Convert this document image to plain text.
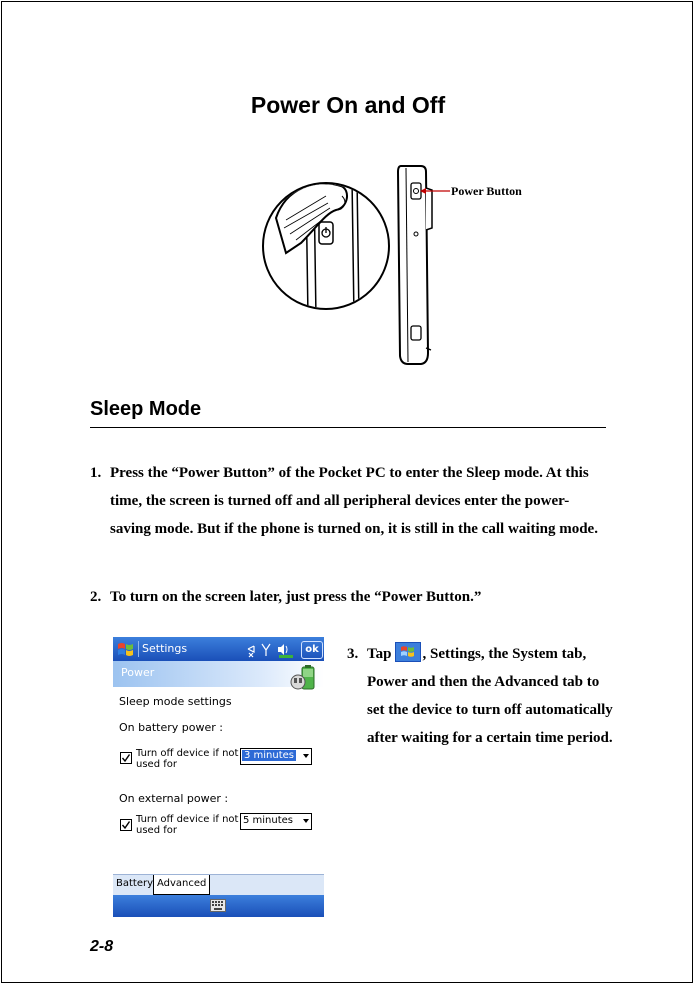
Power On and Off
Power Button
Sleep Mode
1. Press the “Power Button” of the Pocket PC to enter the Sleep mode. At this time, the screen is turned off and all peripheral devices enter the power-saving mode. But if the phone is turned on, it is still in the call waiting mode.
2. To turn on the screen later, just press the “Power Button.”
Settings	ok
Power
Sleep mode settings
On battery power :
Turn off device if not used for
3 minutes
On external power :
Turn off device if not used for
5 minutes
Battery Advanced
3. Tap , Settings, the System tab, Power and then the Advanced tab to set the device to turn off automatically after waiting for a certain time period.
2-8
